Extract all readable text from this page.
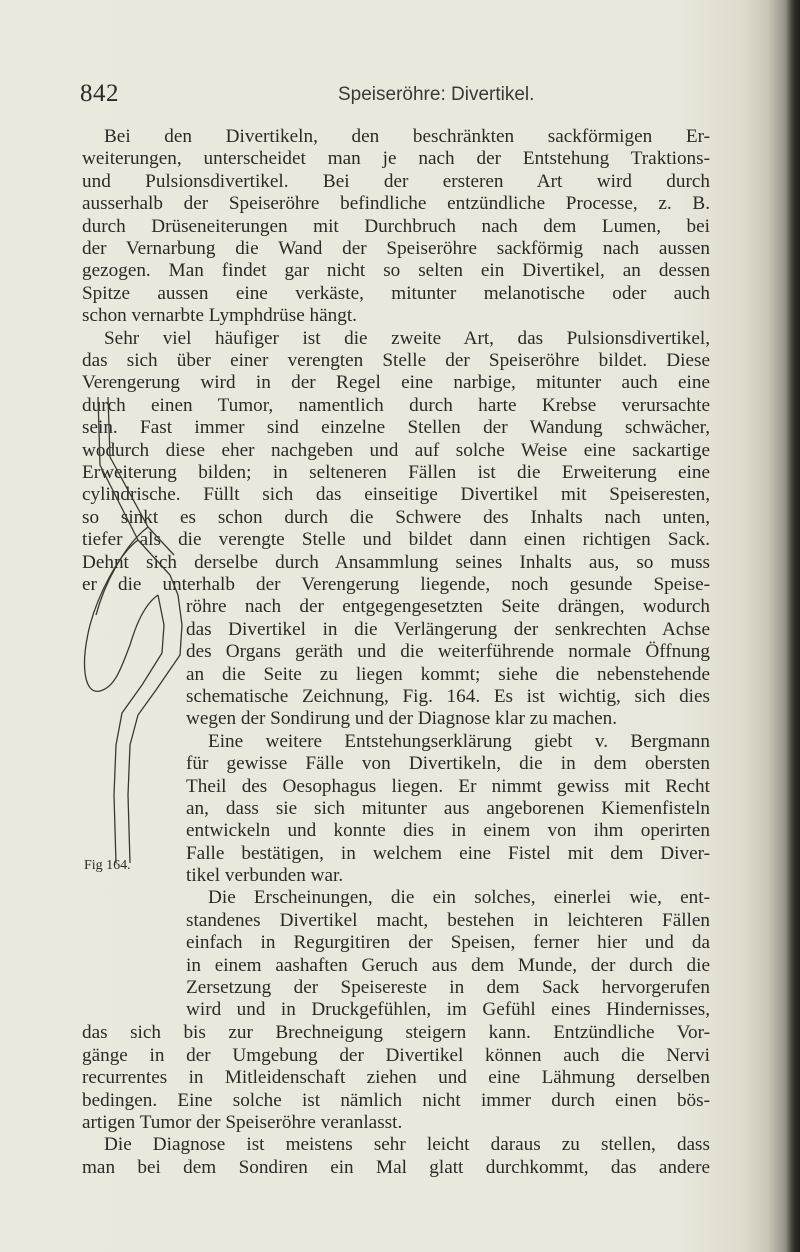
842	Speiseröhre: Divertikel.
Bei den Divertikeln, den beschränkten sackförmigen Er-
weiterungen, unterscheidet man je nach der Entstehung Traktions-
und Pulsionsdivertikel. Bei der ersteren Art wird durch
ausserhalb der Speiseröhre befindliche entzündliche Processe, z. B.
durch Drüseneiterungen mit Durchbruch nach dem Lumen, bei
der Vernarbung die Wand der Speiseröhre sackförmig nach aussen
gezogen. Man findet gar nicht so selten ein Divertikel, an dessen
Spitze aussen eine verkäste, mitunter melanotische oder auch
schon vernarbte Lymphdrüse hängt.
Sehr viel häufiger ist die zweite Art, das Pulsionsdivertikel,
das sich über einer verengten Stelle der Speiseröhre bildet. Diese
Verengerung wird in der Regel eine narbige, mitunter auch eine
durch einen Tumor, namentlich durch harte Krebse verursachte
sein. Fast immer sind einzelne Stellen der Wandung schwächer,
wodurch diese eher nachgeben und auf solche Weise eine sackartige
Erweiterung bilden; in selteneren Fällen ist die Erweiterung eine
cylindrische. Füllt sich das einseitige Divertikel mit Speiseresten,
so sinkt es schon durch die Schwere des Inhalts nach unten,
tiefer als die verengte Stelle und bildet dann einen richtigen Sack.
Dehnt sich derselbe durch Ansammlung seines Inhalts aus, so muss
er die unterhalb der Verengerung liegende, noch gesunde Speise-
röhre nach der entgegengesetzten Seite drängen, wodurch
das Divertikel in die Verlängerung der senkrechten Achse
des Organs geräth und die weiterführende normale Öffnung
an die Seite zu liegen kommt; siehe die nebenstehende
schematische Zeichnung, Fig. 164. Es ist wichtig, sich dies
wegen der Sondirung und der Diagnose klar zu machen.
Eine weitere Entstehungserklärung giebt v. Bergmann
für gewisse Fälle von Divertikeln, die in dem obersten
Theil des Oesophagus liegen. Er nimmt gewiss mit Recht
an, dass sie sich mitunter aus angeborenen Kiemenfisteln
entwickeln und konnte dies in einem von ihm operirten
Falle bestätigen, in welchem eine Fistel mit dem Diver-
tikel verbunden war.
Die Erscheinungen, die ein solches, einerlei wie, ent-
standenes Divertikel macht, bestehen in leichteren Fällen
einfach in Regurgitiren der Speisen, ferner hier und da
in einem aashaften Geruch aus dem Munde, der durch die
Zersetzung der Speisereste in dem Sack hervorgerufen
wird und in Druckgefühlen, im Gefühl eines Hindernisses,
Fig 164.
das sich bis zur Brechneigung steigern kann. Entzündliche Vor-
gänge in der Umgebung der Divertikel können auch die Nervi
recurrentes in Mitleidenschaft ziehen und eine Lähmung derselben
bedingen. Eine solche ist nämlich nicht immer durch einen bös-
artigen Tumor der Speiseröhre veranlasst.
Die Diagnose ist meistens sehr leicht daraus zu stellen, dass
man bei dem Sondiren ein Mal glatt durchkommt, das andere
